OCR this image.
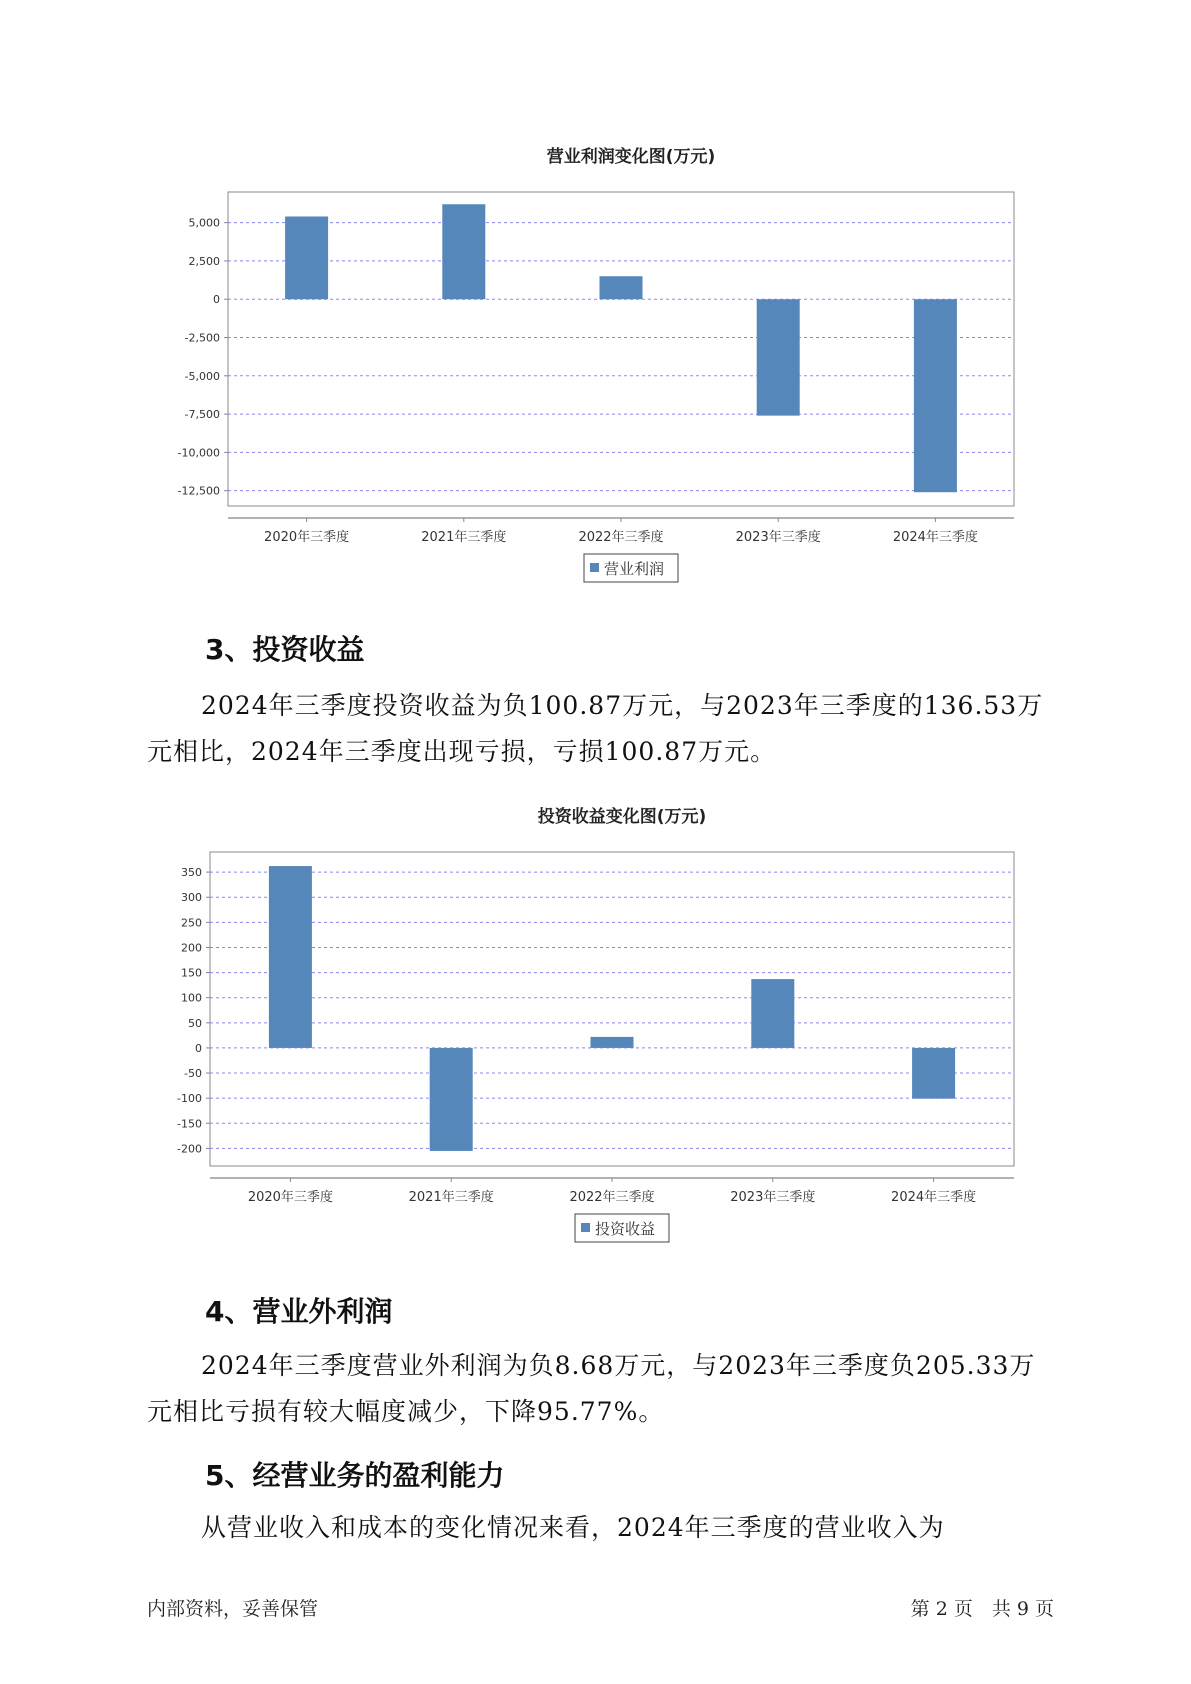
营业利润变化图(万元)
5,000
2,500
0
-2,500
-5,000
-7,500
-10,000
-12,500
2020年三季度	2021年三季度	2022年三季度	2023年三季度	2024年三季度
营业利润
3、投资收益

2024年三季度投资收益为负100.87万元，与2023年三季度的136.53万元相比，2024年三季度出现亏损，亏损100.87万元。

投资收益变化图(万元)
350
300
250
200
150
100
50
0
-50
-100
-150
-200
2020年三季度	2021年三季度	2022年三季度	2023年三季度	2024年三季度
投资收益
4、营业外利润

2024年三季度营业外利润为负8.68万元，与2023年三季度负205.33万元相比亏损有较大幅度减少，下降95.77%。

5、经营业务的盈利能力

从营业收入和成本的变化情况来看，2024年三季度的营业收入为

内部资料，妥善保管	第 2 页　共 9 页
